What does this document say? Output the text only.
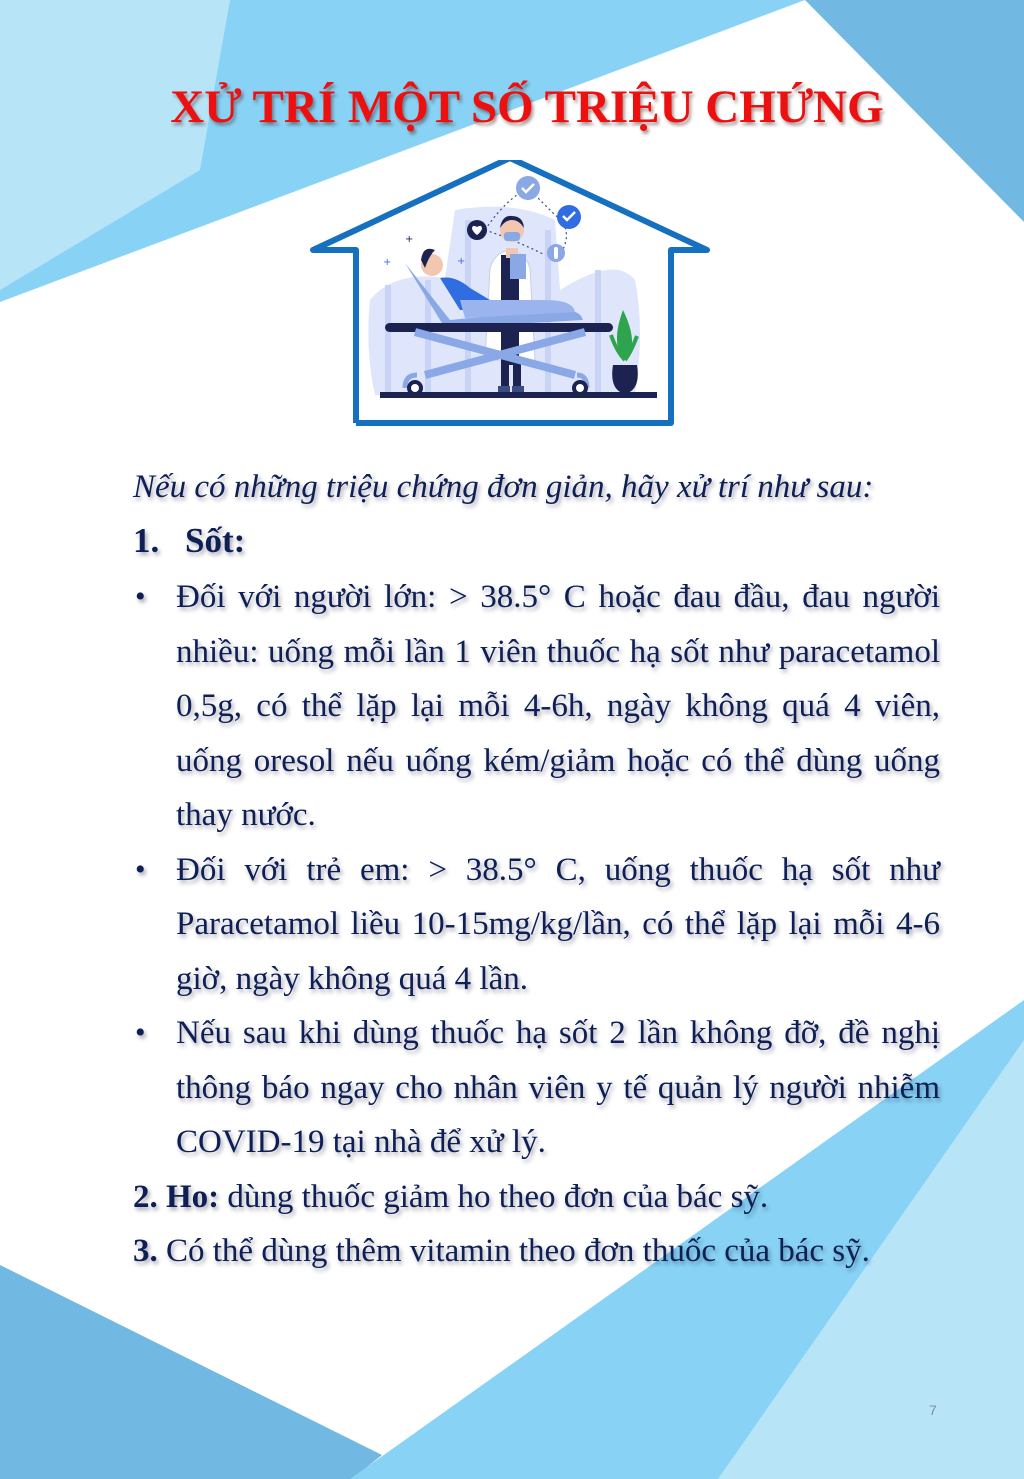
XỬ TRÍ MỘT SỐ TRIỆU CHỨNG
+
+	+

Nếu có những triệu chứng đơn giản, hãy xử trí như sau:

1. Sốt:

• Đối với người lớn: > 38.5° C hoặc đau đầu, đau người nhiều: uống mỗi lần 1 viên thuốc hạ sốt như paracetamol 0,5g, có thể lặp lại mỗi 4-6h, ngày không quá 4 viên, uống oresol nếu uống kém/giảm hoặc có thể dùng uống thay nước.
• Đối với trẻ em: > 38.5° C, uống thuốc hạ sốt như Paracetamol liều 10-15mg/kg/lần, có thể lặp lại mỗi 4-6 giờ, ngày không quá 4 lần.
• Nếu sau khi dùng thuốc hạ sốt 2 lần không đỡ, đề nghị thông báo ngay cho nhân viên y tế quản lý người nhiễm COVID-19 tại nhà để xử lý.

2. Ho: dùng thuốc giảm ho theo đơn của bác sỹ.

3. Có thể dùng thêm vitamin theo đơn thuốc của bác sỹ.

7
